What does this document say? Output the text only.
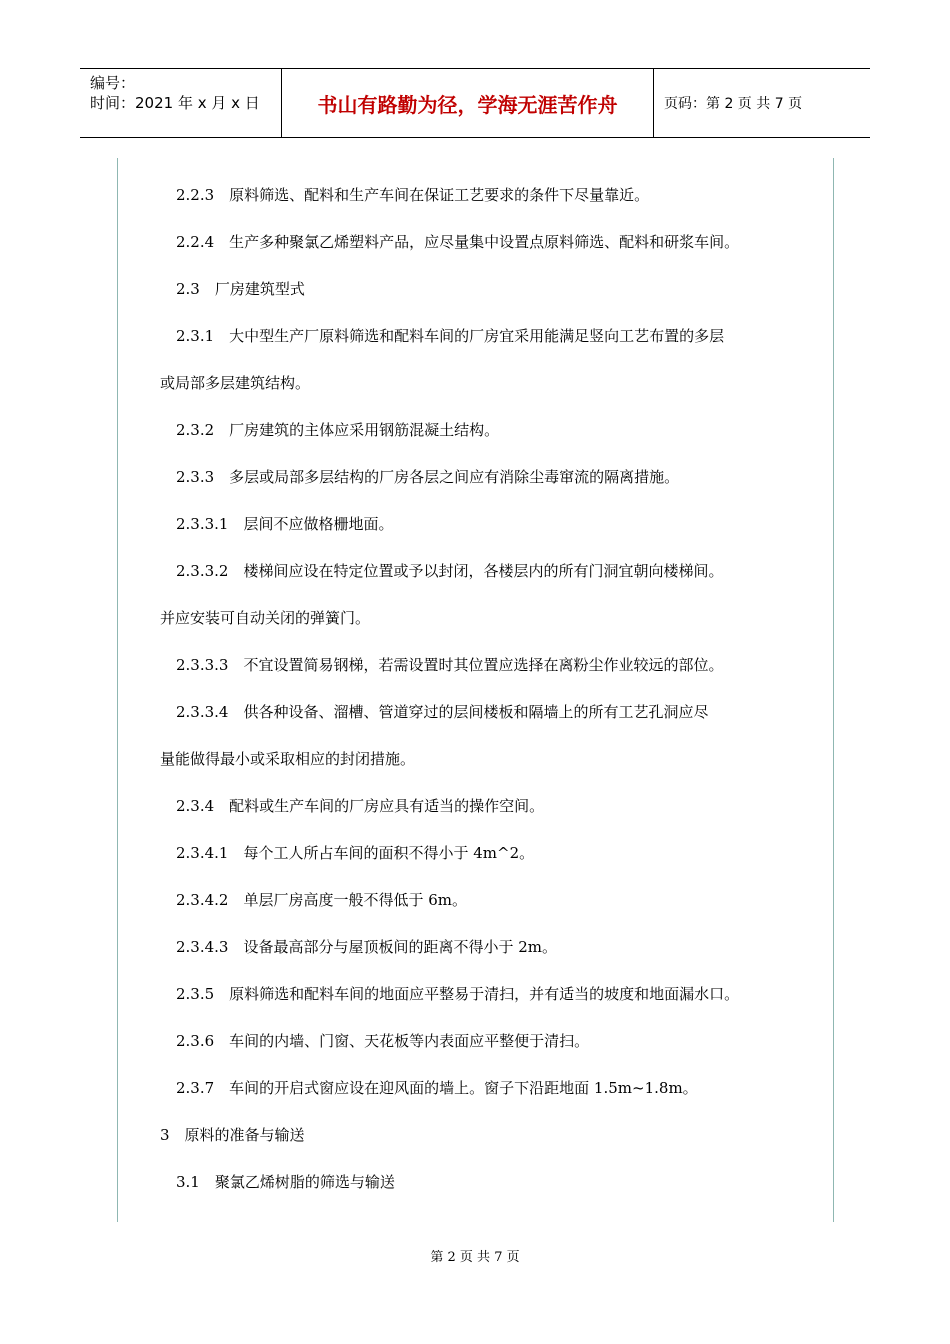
编号：
时间：2021 年 x 月 x 日	书山有路勤为径，学海无涯苦作舟	页码：第 2 页 共 7 页

2.2.3　原料筛选、配料和生产车间在保证工艺要求的条件下尽量靠近。

2.2.4　生产多种聚氯乙烯塑料产品，应尽量集中设置点原料筛选、配料和研浆车间。

2.3　厂房建筑型式

2.3.1　大中型生产厂原料筛选和配料车间的厂房宜采用能满足竖向工艺布置的多层

或局部多层建筑结构。

2.3.2　厂房建筑的主体应采用钢筋混凝土结构。

2.3.3　多层或局部多层结构的厂房各层之间应有消除尘毒窜流的隔离措施。

2.3.3.1　层间不应做格栅地面。

2.3.3.2　楼梯间应设在特定位置或予以封闭，各楼层内的所有门洞宜朝向楼梯间。

并应安装可自动关闭的弹簧门。

2.3.3.3　不宜设置简易钢梯，若需设置时其位置应选择在离粉尘作业较远的部位。

2.3.3.4　供各种设备、溜槽、管道穿过的层间楼板和隔墙上的所有工艺孔洞应尽

量能做得最小或采取相应的封闭措施。

2.3.4　配料或生产车间的厂房应具有适当的操作空间。

2.3.4.1　每个工人所占车间的面积不得小于 4m^2。

2.3.4.2　单层厂房高度一般不得低于 6m。

2.3.4.3　设备最高部分与屋顶板间的距离不得小于 2m。

2.3.5　原料筛选和配料车间的地面应平整易于清扫，并有适当的坡度和地面漏水口。

2.3.6　车间的内墙、门窗、天花板等内表面应平整便于清扫。

2.3.7　车间的开启式窗应设在迎风面的墙上。窗子下沿距地面 1.5m~1.8m。

3　原料的准备与输送

3.1　聚氯乙烯树脂的筛选与输送

第 2 页 共 7 页
